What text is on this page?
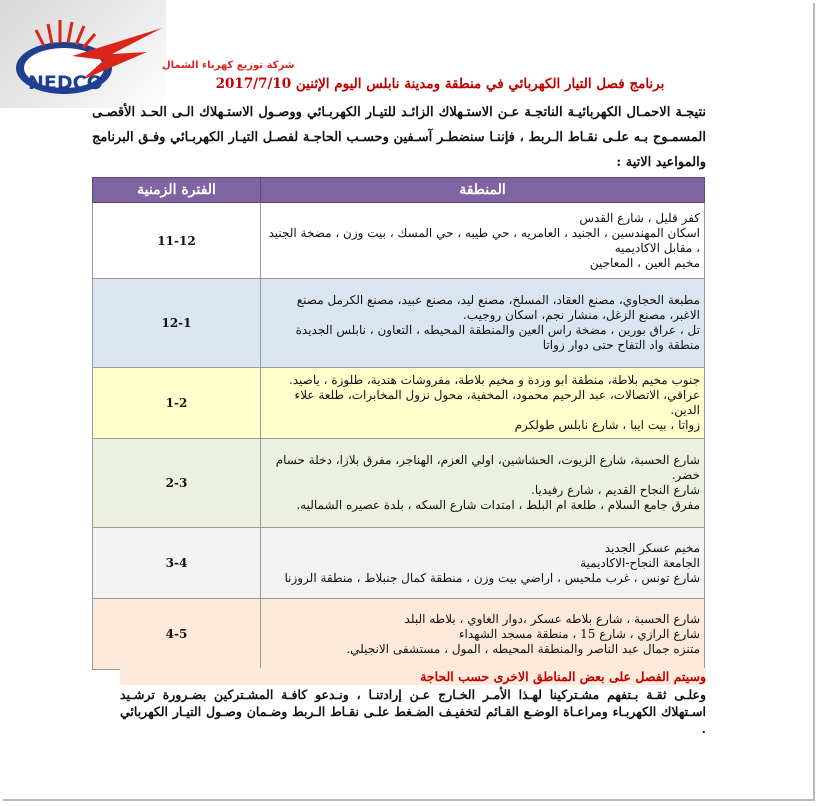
شركة توزيع كهرباء الشمال
NEDCO	برنامج فصل التيار الكهربائي في منطقة ومدينة نابلس اليوم الإثنين 2017/7/10
نتيجـة الاحمـال الكهربائيـة الناتجـة عـن الاستـهلاك الزائـد للتيـار الكهربـائي ووصـول الاستـهلاك الـى الحـد الأقصـى المسمـوح بـه علـى نقـاط الـربط ، فإننـا سنضطـر آسـفين وحسـب الحاجـة لفصـل التيـار الكهربـائي وفـق البرنامج والمواعيد الاتية :
المنطقة	الفترة الزمنية

كفر قليل ، شارع القدس
اسكان المهندسين ، الجنيد ، العامريه ، حي طيبه ، حي المسك ، بيت وزن ، مضخة الجنيد ، مقابل الاكاديميه
مخيم العين ، المعاجين	11-12

مطبعة الحجاوي، مصنع العقاد، المسلخ، مصنع ليد، مصنع عبيد، مصنع الكرمل مصنع الاغبر، مصنع الزغل، منشار نجم، اسكان روجيب.
تل ، عراق بورين ، مضخة راس العين والمنطقة المحيطه ، التعاون ، نابلس الجديدة
منطقة واد التفاح حتى دوار زواتا	12-1

جنوب مخيم بلاطة، منطقة ابو وردة و مخيم بلاطة، مفروشات هندية، طلوزة ، ياصيد.
عراقي، الاتصالات، عبد الرحيم محمود، المخفية، محول نزول المخابرات، طلعة علاء الدين.
زواتا ، بيت ايبا ، شارع نابلس طولكرم	1-2

شارع الحسبة، شارع الزيوت، الحشاشين، اولي العزم، الهناجر، مفرق بلازا، دخلة حسام خضر.
شارع النجاح القديم ، شارع رفيديا.
مفرق جامع السلام ، طلعة ام البلط ، امتدات شارع السكه ، بلدة عصيره الشماليه.	2-3

مخيم عسكر الجديد
الجامعة النجاح-الاكاديمية
شارع تونس ، غرب ملحيس ، اراضي بيت وزن ، منطقة كمال جنبلاط ، منطقة الروزنا	3-4

شارع الحسبة ، شارع بلاطه عسكر ،دوار الغاوي ، بلاطه البلد
شارع الرازي ، شارع 15 ، منطقة مسجد الشهداء
متنزه جمال عبد الناصر والمنطقة المحيطه ، المول ، مستشفى الانجيلي.	4-5
وسيتم الفصل على بعض المناطق الاخرى حسب الحاجة
وعلـى ثقـة بـتفهم مشـتركينا لهـذا الأمـر الخـارج عـن إرادتنـا ، ونـدعو كافـة المشـتركين بضـرورة ترشـيد اسـتهلاك الكهربـاء ومراعـاة الوضـع القـائم لتخفيـف الضـغط علـى نقـاط الـربط وضـمان وصـول التيـار الكهربائي .
